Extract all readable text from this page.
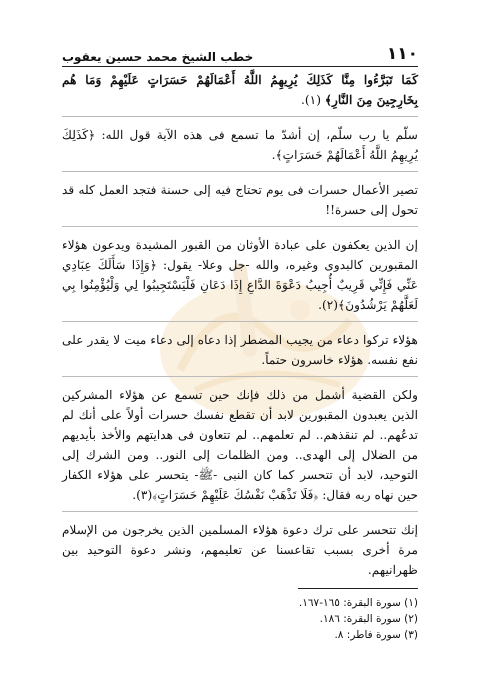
١١٠
خطب الشيخ محمد حسين يعقوب

كَمَا تَبَرَّءُوا مِنَّا كَذَلِكَ يُرِيهِمُ اللَّهُ أَعْمَالَهُمْ حَسَرَاتٍ عَلَيْهِمْ وَمَا هُم بِخَارِجِينَ مِنَ النَّارِ﴾ (١).

سلّم يا رب سلّم، إن أشدّ ما تسمع فى هذه الآية قول الله: ﴿كَذَلِكَ يُرِيهِمُ اللَّهُ أَعْمَالَهُمْ حَسَرَاتٍ﴾.

تصير الأعمال حسرات فى يوم تحتاج فيه إلى حسنة فتجد العمل كله قد تحول إلى حسرة!!

إن الذين يعكفون على عبادة الأوثان من القبور المشيدة ويدعون هؤلاء المقبورين كالبدوى وغيره، والله -جل وعلا- يقول: ﴿وَإِذَا سَأَلَكَ عِبَادِي عَنِّي فَإِنِّي قَرِيبٌ أُجِيبُ دَعْوَةَ الدَّاعِ إِذَا دَعَانِ فَلْيَسْتَجِيبُوا لِي وَلْيُؤْمِنُوا بِي لَعَلَّهُمْ يَرْشُدُونَ﴾(٢).

هؤلاء تركوا دعاء من يجيب المضطر إذا دعاه إلى دعاء ميت لا يقدر على نفع نفسه. هؤلاء خاسرون حتماً.

ولكن القضية أشمل من ذلك فإنك حين تسمع عن هؤلاء المشركين الذين يعبدون المقبورين لابد أن تقطع نفسك حسرات أولاً على أنك لم تدعُهم.. لم تنقذهم.. لم تعلمهم.. لم تتعاون فى هدايتهم والأخذ بأيديهم من الضلال إلى الهدى.. ومن الظلمات إلى النور.. ومن الشرك إلى التوحيد، لابد أن تتحسر كما كان النبى -ﷺ- يتحسر على هؤلاء الكفار حين نهاه ربه فقال: ﴿فَلَا تَذْهَبْ نَفْسُكَ عَلَيْهِمْ حَسَرَاتٍ﴾(٣).

إنك تتحسر على ترك دعوة هؤلاء المسلمين الذين يخرجون من الإسلام مرة أخرى بسبب تقاعسنا عن تعليمهم، ونشر دعوة التوحيد بين ظهرانيهم.

(١) سورة البقرة: ١٦٥-١٦٧.
(٢) سورة البقرة: ١٨٦.
(٣) سورة فاطر: ٨.
